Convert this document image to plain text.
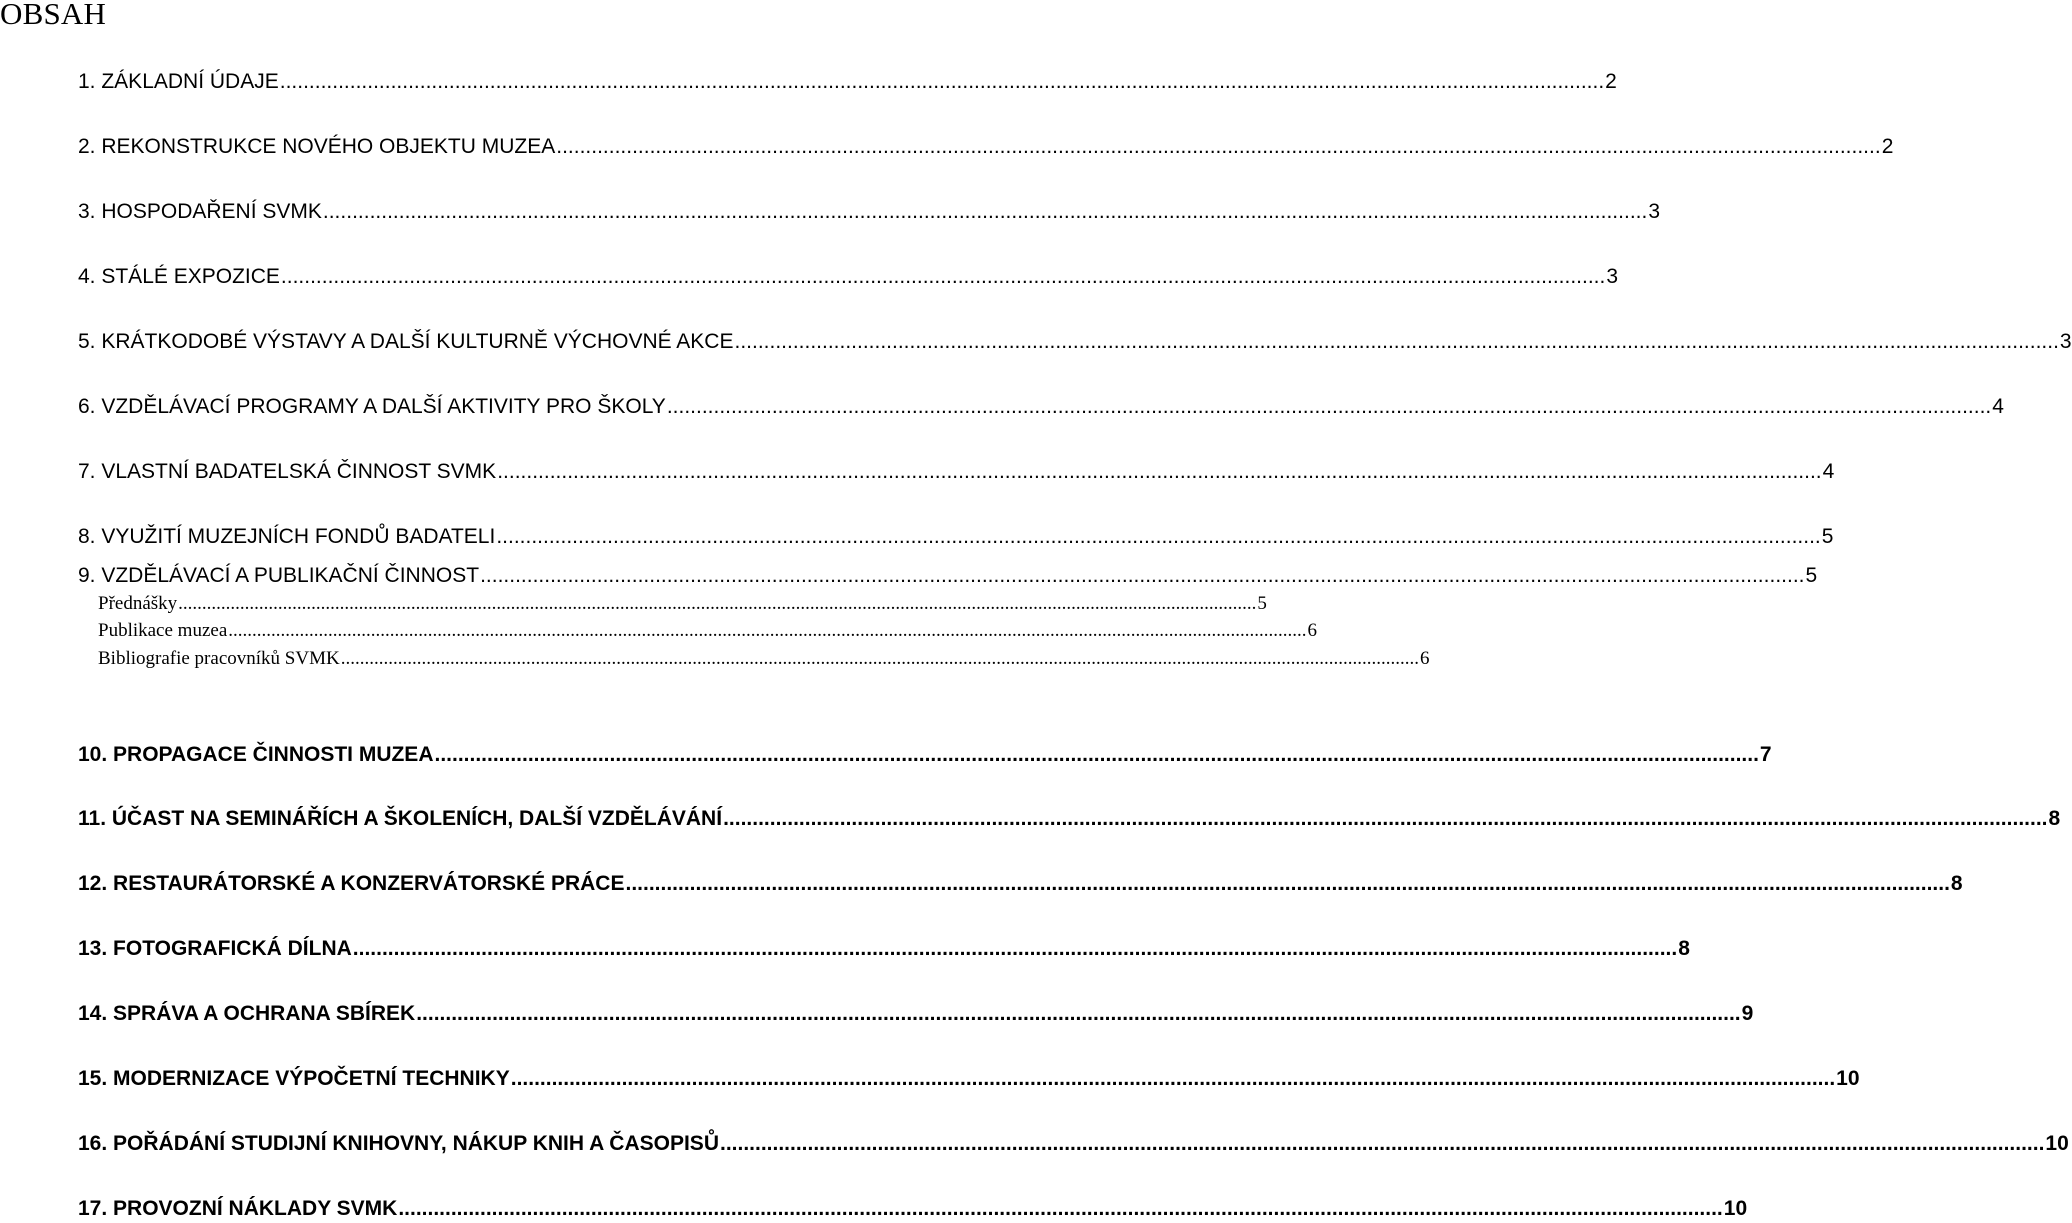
OBSAH
1. ZÁKLADNÍ ÚDAJE ................................................................................................................................................................................................................................... 2
2. REKONSTRUKCE NOVÉHO OBJEKTU MUZEA ................................................................................................................................................................................................................................... 2
3. HOSPODAŘENÍ SVMK ................................................................................................................................................................................................................................... 3
4. STÁLÉ EXPOZICE ................................................................................................................................................................................................................................... 3
5. KRÁTKODOBÉ VÝSTAVY A DALŠÍ KULTURNĚ VÝCHOVNÉ AKCE ................................................................................................................................................................................................................................... 3
6. VZDĚLÁVACÍ PROGRAMY A DALŠÍ AKTIVITY PRO ŠKOLY ................................................................................................................................................................................................................................... 4
7. VLASTNÍ BADATELSKÁ ČINNOST SVMK ................................................................................................................................................................................................................................... 4
8. VYUŽITÍ MUZEJNÍCH FONDŮ BADATELI ................................................................................................................................................................................................................................... 5
9. VZDĚLÁVACÍ A PUBLIKAČNÍ ČINNOST ................................................................................................................................................................................................................................... 5
Přednášky ................................................................................................................................................................................................................................... 5
Publikace muzea ................................................................................................................................................................................................................................... 6
Bibliografie pracovníků SVMK ................................................................................................................................................................................................................................... 6
10. PROPAGACE ČINNOSTI MUZEA ................................................................................................................................................................................................................................... 7
11. ÚČAST NA SEMINÁŘÍCH A ŠKOLENÍCH, DALŠÍ VZDĚLÁVÁNÍ ................................................................................................................................................................................................................................... 8
12. RESTAURÁTORSKÉ A KONZERVÁTORSKÉ PRÁCE ................................................................................................................................................................................................................................... 8
13. FOTOGRAFICKÁ DÍLNA ................................................................................................................................................................................................................................... 8
14. SPRÁVA A OCHRANA SBÍREK ................................................................................................................................................................................................................................... 9
15. MODERNIZACE VÝPOČETNÍ TECHNIKY ................................................................................................................................................................................................................................... 10
16. POŘÁDÁNÍ STUDIJNÍ KNIHOVNY, NÁKUP KNIH A ČASOPISŮ ................................................................................................................................................................................................................................... 10
17. PROVOZNÍ NÁKLADY SVMK ................................................................................................................................................................................................................................... 10
